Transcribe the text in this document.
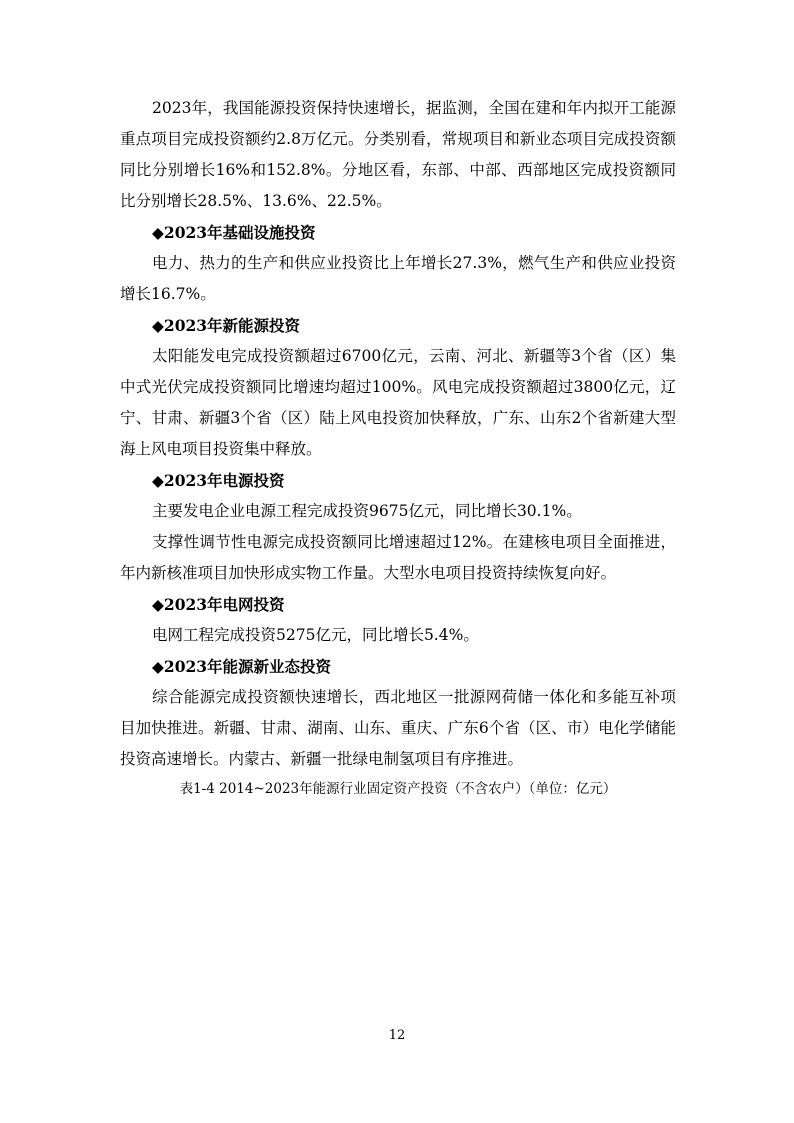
2023年，我国能源投资保持快速增长，据监测，全国在建和年内拟开工能源重点项目完成投资额约2.8万亿元。分类别看，常规项目和新业态项目完成投资额同比分别增长16%和152.8%。分地区看，东部、中部、西部地区完成投资额同比分别增长28.5%、13.6%、22.5%。

◆2023年基础设施投资

电力、热力的生产和供应业投资比上年增长27.3%，燃气生产和供应业投资增长16.7%。

◆2023年新能源投资

太阳能发电完成投资额超过6700亿元，云南、河北、新疆等3个省（区）集中式光伏完成投资额同比增速均超过100%。风电完成投资额超过3800亿元，辽宁、甘肃、新疆3个省（区）陆上风电投资加快释放，广东、山东2个省新建大型海上风电项目投资集中释放。

◆2023年电源投资

主要发电企业电源工程完成投资9675亿元，同比增长30.1%。

支撑性调节性电源完成投资额同比增速超过12%。在建核电项目全面推进，年内新核准项目加快形成实物工作量。大型水电项目投资持续恢复向好。

◆2023年电网投资

电网工程完成投资5275亿元，同比增长5.4%。

◆2023年能源新业态投资

综合能源完成投资额快速增长，西北地区一批源网荷储一体化和多能互补项目加快推进。新疆、甘肃、湖南、山东、重庆、广东6个省（区、市）电化学储能投资高速增长。内蒙古、新疆一批绿电制氢项目有序推进。

表1-4 2014~2023年能源行业固定资产投资（不含农户）（单位：亿元）

12
